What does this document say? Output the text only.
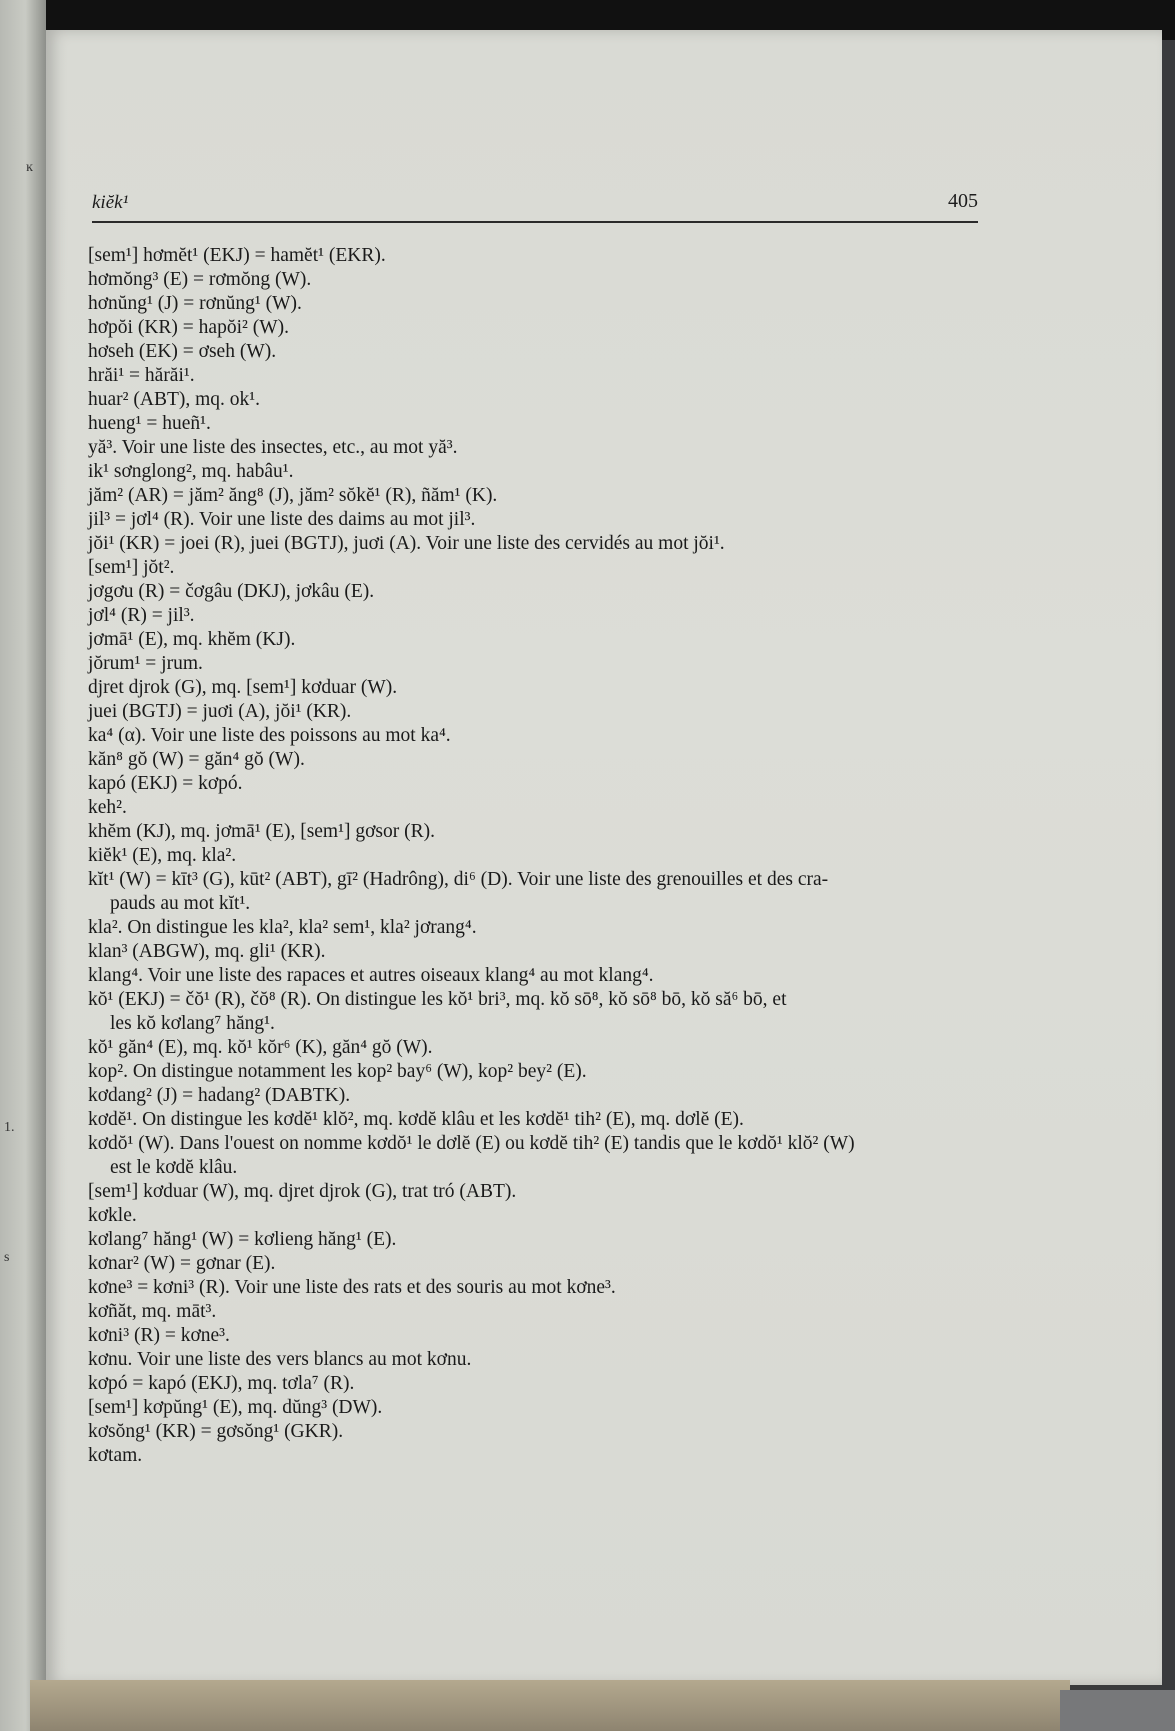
ĸ
1.
s
kiĕk¹	405

[sem¹] hơmĕt¹ (EKJ) = hamĕt¹ (EKR).

hơmŏng³ (E) = rơmŏng (W).

hơnŭng¹ (J) = rơnŭng¹ (W).

hơpŏi (KR) = hapŏi² (W).

hơseh (EK) = ơseh (W).

hrăi¹ = hărăi¹.

huar² (ABT), mq. ok¹.

hueng¹ = hueñ¹.

yă³. Voir une liste des insectes, etc., au mot yă³.

ik¹ sơnglong², mq. habâu¹.

jăm² (AR) = jăm² ăng⁸ (J), jăm² sŏkĕ¹ (R), ñăm¹ (K).

jil³ = jơl⁴ (R). Voir une liste des daims au mot jil³.

jŏi¹ (KR) = joei (R), juei (BGTJ), juơi (A). Voir une liste des cervidés au mot jŏi¹.

[sem¹] jŏt².

jơgơu (R) = čơgâu (DKJ), jơkâu (E).

jơl⁴ (R) = jil³.

jơmā¹ (E), mq. khĕm (KJ).

jŏrum¹ = jrum.

djret djrok (G), mq. [sem¹] kơduar (W).

juei (BGTJ) = juơi (A), jŏi¹ (KR).

ka⁴ (α). Voir une liste des poissons au mot ka⁴.

kăn⁸ gŏ (W) = găn⁴ gŏ (W).

kapó (EKJ) = kơpó.

keh².

khĕm (KJ), mq. jơmā¹ (E), [sem¹] gơsor (R).

kiĕk¹ (E), mq. kla².

kĭt¹ (W) = kīt³ (G), kūt² (ABT), gī² (Hadrông), di⁶ (D). Voir une liste des grenouilles et des cra-

pauds au mot kĭt¹.

kla². On distingue les kla², kla² sem¹, kla² jơrang⁴.

klan³ (ABGW), mq. gli¹ (KR).

klang⁴. Voir une liste des rapaces et autres oiseaux klang⁴ au mot klang⁴.

kŏ¹ (EKJ) = čŏ¹ (R), čŏ⁸ (R). On distingue les kŏ¹ bri³, mq. kŏ sō⁸, kŏ sō⁸ bō, kŏ să⁶ bō, et

les kŏ kơlang⁷ hăng¹.

kŏ¹ găn⁴ (E), mq. kŏ¹ kŏr⁶ (K), găn⁴ gŏ (W).

kop². On distingue notamment les kop² bay⁶ (W), kop² bey² (E).

kơdang² (J) = hadang² (DABTK).

kơdĕ¹. On distingue les kơdĕ¹ klŏ², mq. kơdĕ klâu et les kơdĕ¹ tih² (E), mq. dơlĕ (E).

kơdŏ¹ (W). Dans l'ouest on nomme kơdŏ¹ le dơlĕ (E) ou kơdĕ tih² (E) tandis que le kơdŏ¹ klŏ² (W)

est le kơdĕ klâu.

[sem¹] kơduar (W), mq. djret djrok (G), trat tró (ABT).

kơkle.

kơlang⁷ hăng¹ (W) = kơlieng hăng¹ (E).

kơnar² (W) = gơnar (E).

kơne³ = kơni³ (R). Voir une liste des rats et des souris au mot kơne³.

kơñăt, mq. māt³.

kơni³ (R) = kơne³.

kơnu. Voir une liste des vers blancs au mot kơnu.

kơpó = kapó (EKJ), mq. tơla⁷ (R).

[sem¹] kơpŭng¹ (E), mq. dŭng³ (DW).

kơsŏng¹ (KR) = gơsŏng¹ (GKR).

kơtam.
